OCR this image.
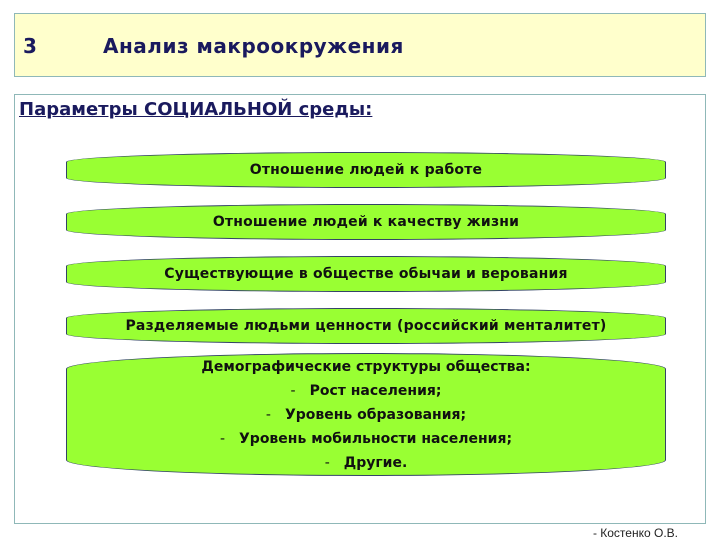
3	Анализ макроокружения
Параметры СОЦИАЛЬНОЙ среды:
Отношение людей к работе
Отношение людей к качеству жизни
Существующие в обществе обычаи и верования
Разделяемые людьми ценности (российский менталитет)
Демографические структуры общества:
- Рост населения;
- Уровень образования;
- Уровень мобильности населения;
- Другие.
- Костенко О.В.
